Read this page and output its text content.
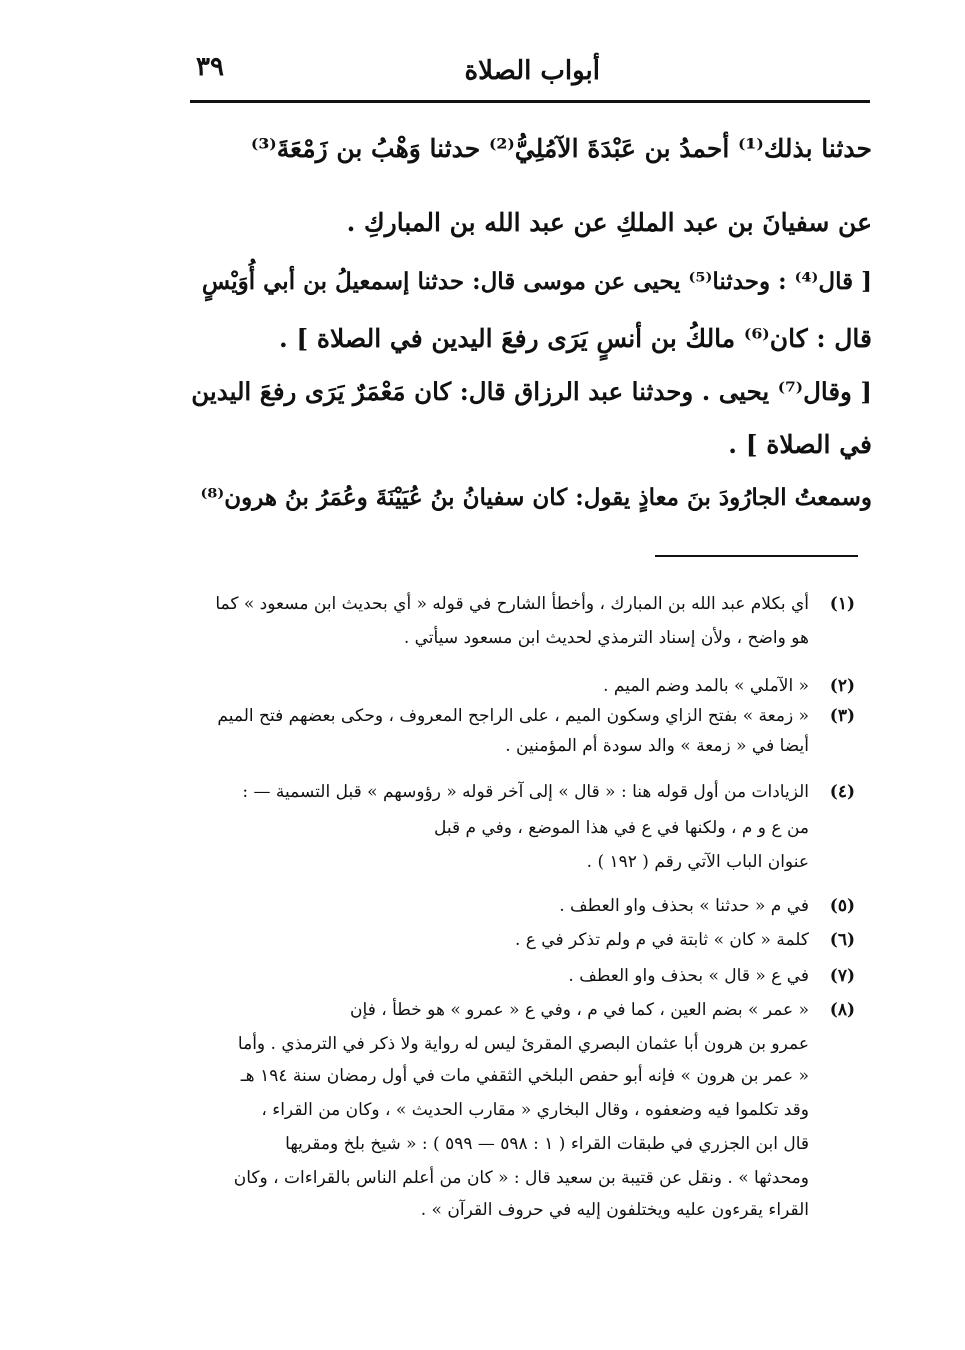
أبواب الصلاة
٣٩
حدثنا بذلك⁽¹⁾ أحمدُ بن عَبْدَةَ الآمُلِيُّ⁽²⁾ حدثنا وَهْبُ بن زَمْعَةَ⁽³⁾
عن سفيانَ بن عبد الملكِ عن عبد الله بن المباركِ .
[ قال⁽⁴⁾ : وحدثنا⁽⁵⁾ يحيى عن موسى قال: حدثنا إسمعيلُ بن أبي أُوَيْسٍ
قال : كان⁽⁶⁾ مالكُ بن أنسٍ يَرَى رفعَ اليدين في الصلاة ] .
[ وقال⁽⁷⁾ يحيى . وحدثنا عبد الرزاق قال: كان مَعْمَرٌ يَرَى رفعَ اليدين
في الصلاة ] .
وسمعتُ الجارُودَ بنَ معاذٍ يقول: كان سفيانُ بنُ عُيَيْنَةَ وعُمَرُ بنُ هرون⁽⁸⁾
(١)
أي بكلام عبد الله بن المبارك ، وأخطأ الشارح في قوله « أي بحديث ابن مسعود » كما
هو واضح ، ولأن إسناد الترمذي لحديث ابن مسعود سيأتي .
(٢)
« الآملي » بالمد وضم الميم .
(٣)
« زمعة » بفتح الزاي وسكون الميم ، على الراجح المعروف ، وحكى بعضهم فتح الميم
أيضا في « زمعة » والد سودة أم المؤمنين .
(٤)
الزيادات من أول قوله هنا : « قال » إلى آخر قوله « رؤوسهم » قبل التسمية — :
من ع و م ، ولكنها في ع في هذا الموضع ، وفي م قبل
عنوان الباب الآتي رقم ( ١٩٢ ) .
(٥)
في م « حدثنا » بحذف واو العطف .
(٦)
كلمة « كان » ثابتة في م ولم تذكر في ع .
(٧)
في ع « قال » بحذف واو العطف .
(٨)
« عمر » بضم العين ، كما في م ، وفي ع « عمرو » هو خطأ ، فإن
عمرو بن هرون أبا عثمان البصري المقرئ ليس له رواية ولا ذكر في الترمذي . وأما
« عمر بن هرون » فإنه أبو حفص البلخي الثقفي مات في أول رمضان سنة ١٩٤ هـ
وقد تكلموا فيه وضعفوه ، وقال البخاري « مقارب الحديث » ، وكان من القراء ،
قال ابن الجزري في طبقات القراء ( ١ : ٥٩٨ — ٥٩٩ ) : « شيخ بلخ ومقريها
ومحدثها » . ونقل عن قتيبة بن سعيد قال : « كان من أعلم الناس بالقراءات ، وكان
القراء يقرءون عليه ويختلفون إليه في حروف القرآن » .
